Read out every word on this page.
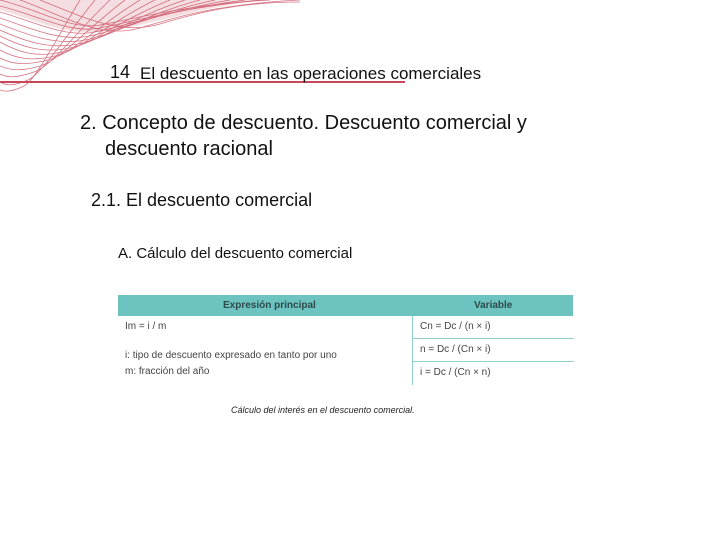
14 El descuento en las operaciones comerciales
2. Concepto de descuento. Descuento comercial y
descuento racional
2.1. El descuento comercial
A. Cálculo del descuento comercial
Expresión principal	Variable
Im = i / m
i: tipo de descuento expresado en tanto por uno
m: fracción del año
Cn = Dc / (n × i)
n = Dc / (Cn × i)
i = Dc / (Cn × n)
Cálculo del interés en el descuento comercial.
